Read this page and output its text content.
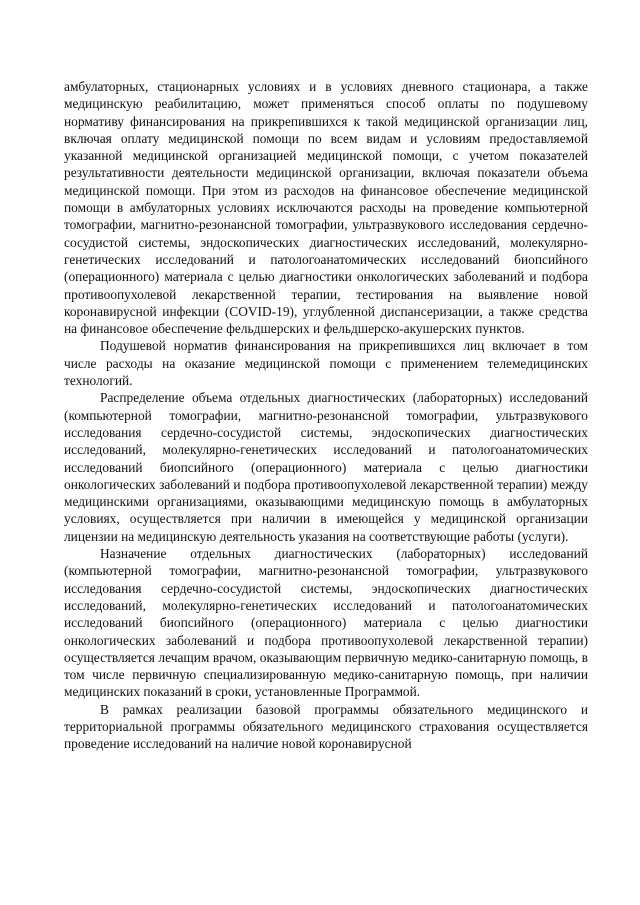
амбулаторных, стационарных условиях и в условиях дневного стационара, а также медицинскую реабилитацию, может применяться способ оплаты по подушевому нормативу финансирования на прикрепившихся к такой медицинской организации лиц, включая оплату медицинской помощи по всем видам и условиям предоставляемой указанной медицинской организацией медицинской помощи, с учетом показателей результативности деятельности медицинской организации, включая показатели объема медицинской помощи. При этом из расходов на финансовое обеспечение медицинской помощи в амбулаторных условиях исключаются расходы на проведение компьютерной томографии, магнитно-резонансной томографии, ультразвукового исследования сердечно-сосудистой системы, эндоскопических диагностических исследований, молекулярно-генетических исследований и патологоанатомических исследований биопсийного (операционного) материала с целью диагностики онкологических заболеваний и подбора противоопухолевой лекарственной терапии, тестирования на выявление новой коронавирусной инфекции (COVID-19), углубленной диспансеризации, а также средства на финансовое обеспечение фельдшерских и фельдшерско-акушерских пунктов.

Подушевой норматив финансирования на прикрепившихся лиц включает в том числе расходы на оказание медицинской помощи с применением телемедицинских технологий.

Распределение объема отдельных диагностических (лабораторных) исследований (компьютерной томографии, магнитно-резонансной томографии, ультразвукового исследования сердечно-сосудистой системы, эндоскопических диагностических исследований, молекулярно-генетических исследований и патологоанатомических исследований биопсийного (операционного) материала с целью диагностики онкологических заболеваний и подбора противоопухолевой лекарственной терапии) между медицинскими организациями, оказывающими медицинскую помощь в амбулаторных условиях, осуществляется при наличии в имеющейся у медицинской организации лицензии на медицинскую деятельность указания на соответствующие работы (услуги).

Назначение отдельных диагностических (лабораторных) исследований (компьютерной томографии, магнитно-резонансной томографии, ультразвукового исследования сердечно-сосудистой системы, эндоскопических диагностических исследований, молекулярно-генетических исследований и патологоанатомических исследований биопсийного (операционного) материала с целью диагностики онкологических заболеваний и подбора противоопухолевой лекарственной терапии) осуществляется лечащим врачом, оказывающим первичную медико-санитарную помощь, в том числе первичную специализированную медико-санитарную помощь, при наличии медицинских показаний в сроки, установленные Программой.

В рамках реализации базовой программы обязательного медицинского и территориальной программы обязательного медицинского страхования осуществляется проведение исследований на наличие новой коронавирусной
